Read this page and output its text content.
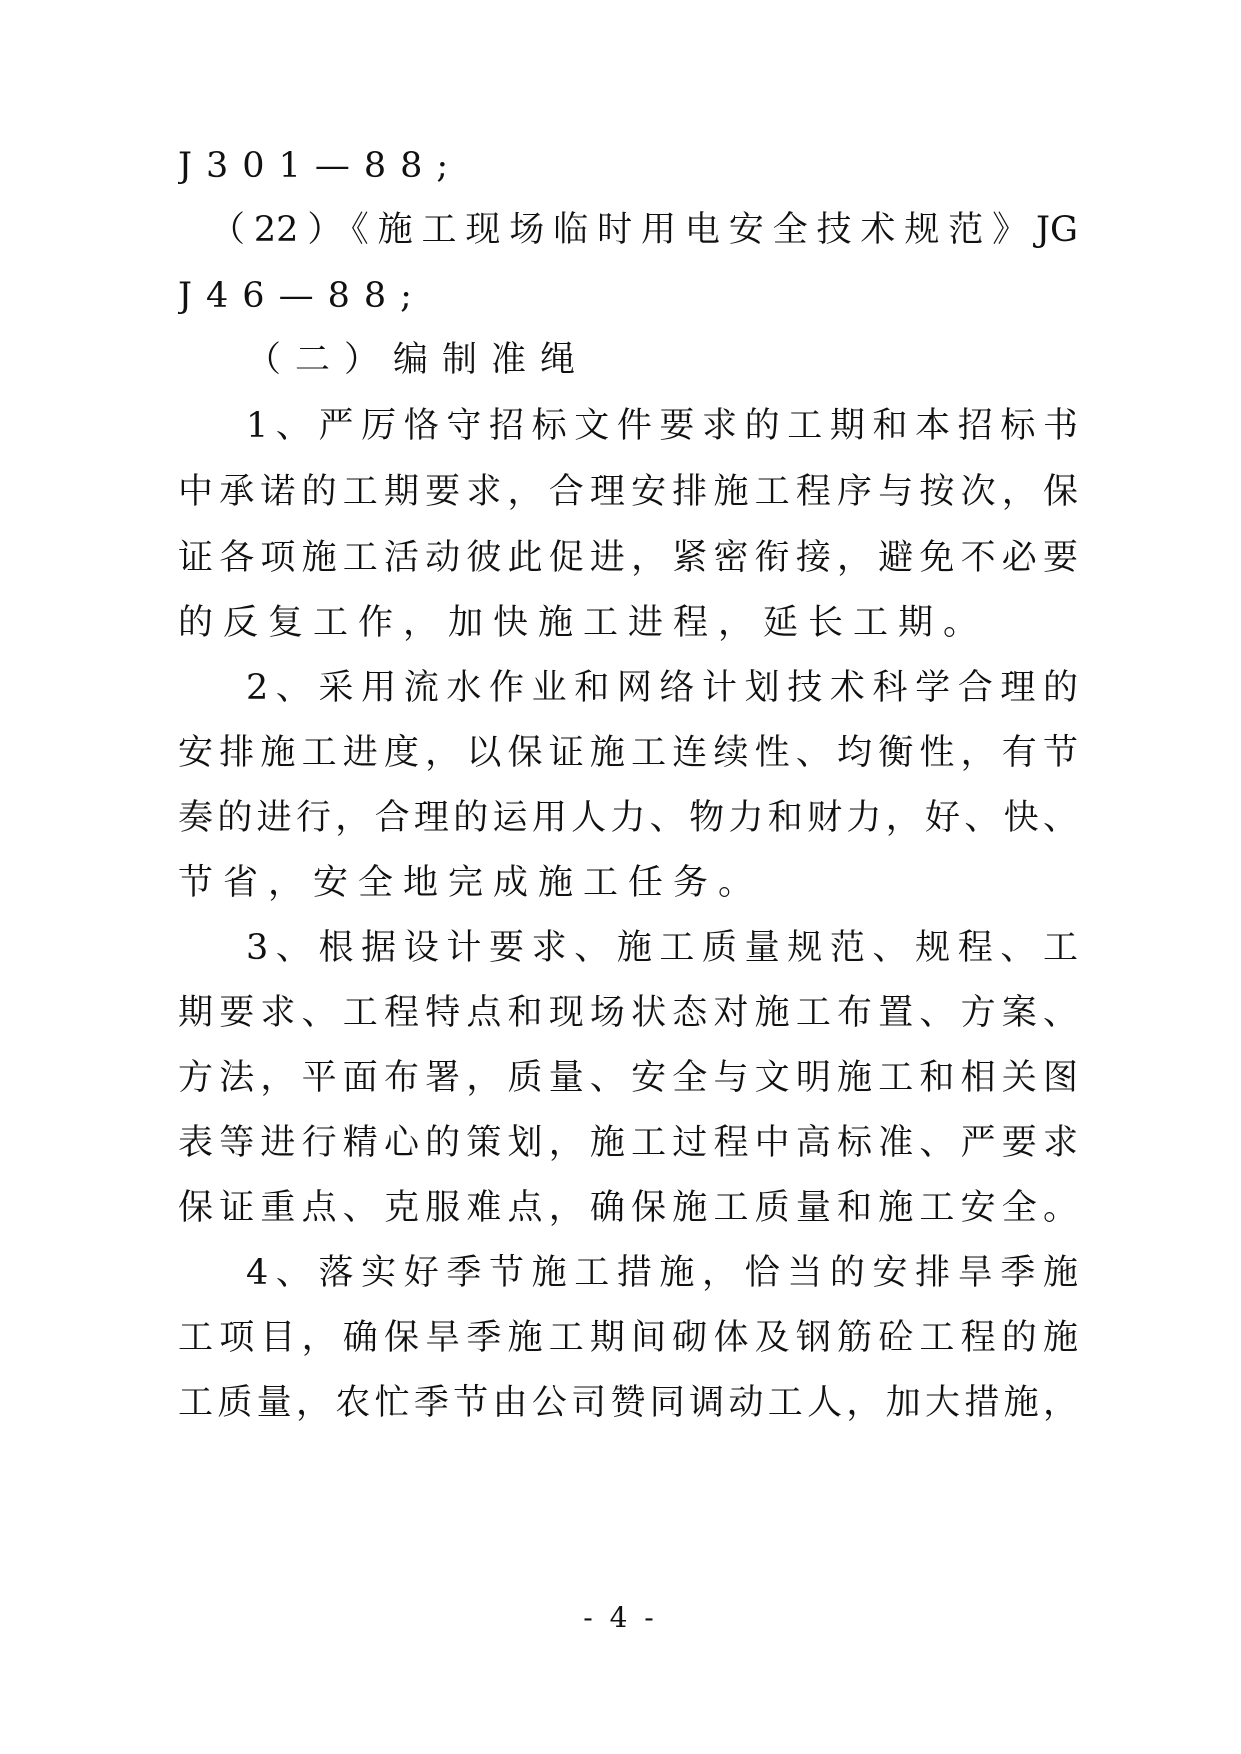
J301—88;
（22）《施工现场临时用电安全技术规范》JG
J46—88;
（二）编制准绳
1、严厉恪守招标文件要求的工期和本招标书
中承诺的工期要求，合理安排施工程序与按次，保
证各项施工活动彼此促进，紧密衔接，避免不必要
的反复工作，加快施工进程，延长工期。
2、采用流水作业和网络计划技术科学合理的
安排施工进度，以保证施工连续性、均衡性，有节
奏的进行，合理的运用人力、物力和财力，好、快、
节省，安全地完成施工任务。
3、根据设计要求、施工质量规范、规程、工
期要求、工程特点和现场状态对施工布置、方案、
方法，平面布署，质量、安全与文明施工和相关图
表等进行精心的策划，施工过程中高标准、严要求
保证重点、克服难点，确保施工质量和施工安全。
4、落实好季节施工措施，恰当的安排旱季施
工项目，确保旱季施工期间砌体及钢筋砼工程的施
工质量，农忙季节由公司赞同调动工人，加大措施，
- 4 -
